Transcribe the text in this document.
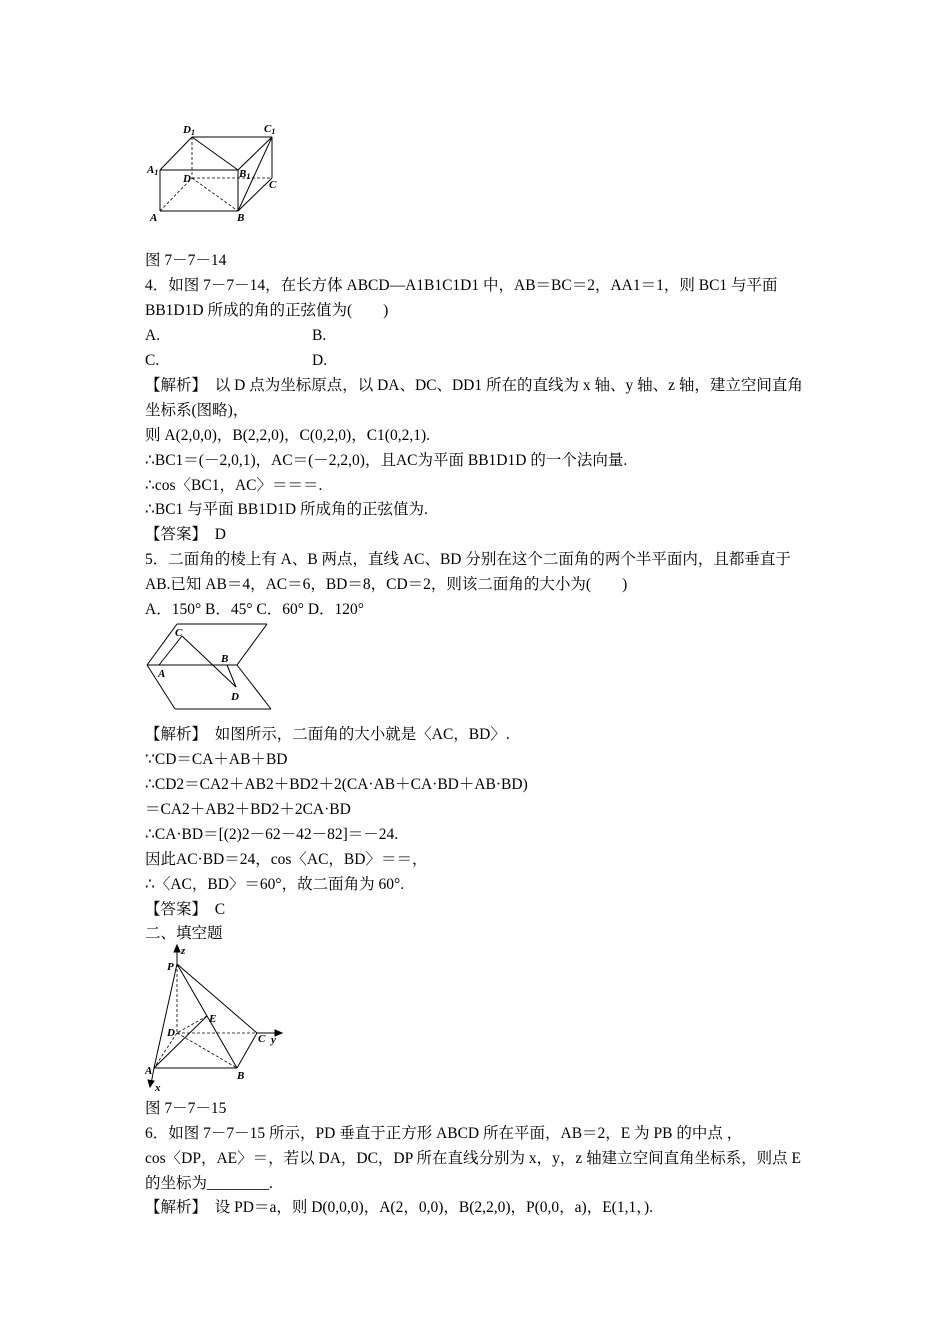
D1	C1
A1	B1
D	C
A	B
图 7－7－14
4．如图 7－7－14，在长方体 ABCD—A1B1C1D1 中，AB＝BC＝2，AA1＝1，则 BC1 与平面
BB1D1D 所成的角的正弦值为(　　)
A.	B.
C.	D.
【解析】　以 D 点为坐标原点，以 DA、DC、DD1 所在的直线为 x 轴、y 轴、z 轴，建立空间直角
坐标系(图略)，
则 A(2,0,0)，B(2,2,0)，C(0,2,0)，C1(0,2,1).
∴BC1＝(－2,0,1)，AC＝(－2,2,0)，且AC为平面 BB1D1D 的一个法向量.
∴cos〈BC1，AC〉＝＝＝.
∴BC1 与平面 BB1D1D 所成角的正弦值为.
【答案】　D
5．二面角的棱上有 A、B 两点，直线 AC、BD 分别在这个二面角的两个半平面内，且都垂直于
AB.已知 AB＝4，AC＝6，BD＝8，CD＝2，则该二面角的大小为(　　)
A．150° B．45° C．60° D．120°
C
B
A
D
【解析】　如图所示，二面角的大小就是〈AC，BD〉.
∵CD＝CA＋AB＋BD
∴CD2＝CA2＋AB2＋BD2＋2(CA·AB＋CA·BD＋AB·BD)
＝CA2＋AB2＋BD2＋2CA·BD
∴CA·BD＝[(2)2－62－42－82]＝－24.
因此AC·BD＝24，cos〈AC，BD〉＝＝，
∴〈AC，BD〉＝60°，故二面角为 60°.
【答案】　C
二、填空题
z
P
E
D	C y
A
x
B
图 7－7－15
6．如图 7－7－15 所示，PD 垂直于正方形 ABCD 所在平面，AB＝2，E 为 PB 的中点 ，
cos〈DP，AE〉＝，若以 DA，DC，DP 所在直线分别为 x，y，z 轴建立空间直角坐标系，则点 E
的坐标为________.
【解析】　设 PD＝a，则 D(0,0,0)，A(2，0,0)，B(2,2,0)，P(0,0，a)，E(1,1，).
